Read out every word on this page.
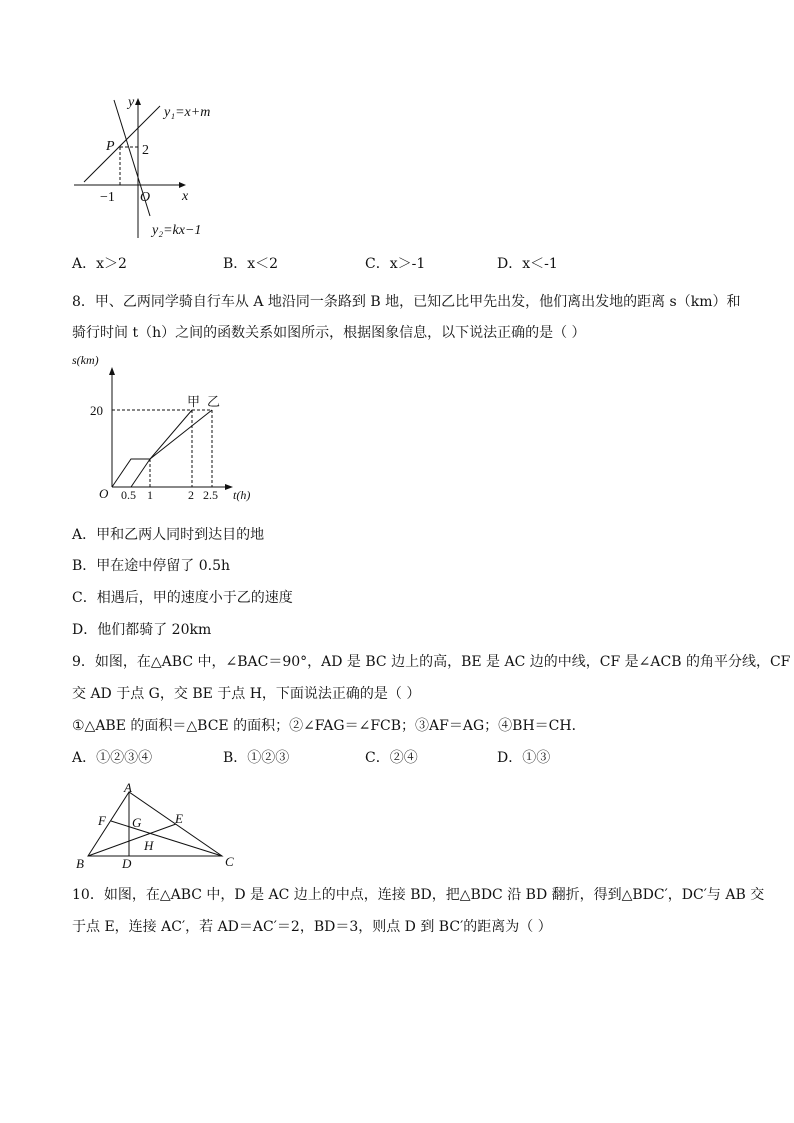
y
x
O
P 2
−1
y₁=x+m
y₂=kx−1
A．x＞2	B．x＜2	C．x＞-1	D．x＜-1
8．甲、乙两同学骑自行车从 A 地沿同一条路到 B 地，已知乙比甲先出发，他们离出发地的距离 s（km）和
骑行时间 t（h）之间的函数关系如图所示，根据图象信息，以下说法正确的是（ ）
s(km)
t(h)
O
20
0.5 1	2 2.5
甲 乙
A．甲和乙两人同时到达目的地
B．甲在途中停留了 0.5h
C．相遇后，甲的速度小于乙的速度
D．他们都骑了 20km
9．如图，在△ABC 中，∠BAC＝90°，AD 是 BC 边上的高，BE 是 AC 边的中线，CF 是∠ACB 的角平分线，CF
交 AD 于点 G，交 BE 于点 H，下面说法正确的是（ ）
①△ABE 的面积＝△BCE 的面积；②∠FAG＝∠FCB；③AF＝AG；④BH＝CH．
A．①②③④	B．①②③	C．②④	D．①③
A
B	C
D
E
F G
H
10．如图，在△ABC 中，D 是 AC 边上的中点，连接 BD，把△BDC 沿 BD 翻折，得到△BDC′，DC′与 AB 交
于点 E，连接 AC′，若 AD＝AC′＝2，BD＝3，则点 D 到 BC′的距离为（ ）
